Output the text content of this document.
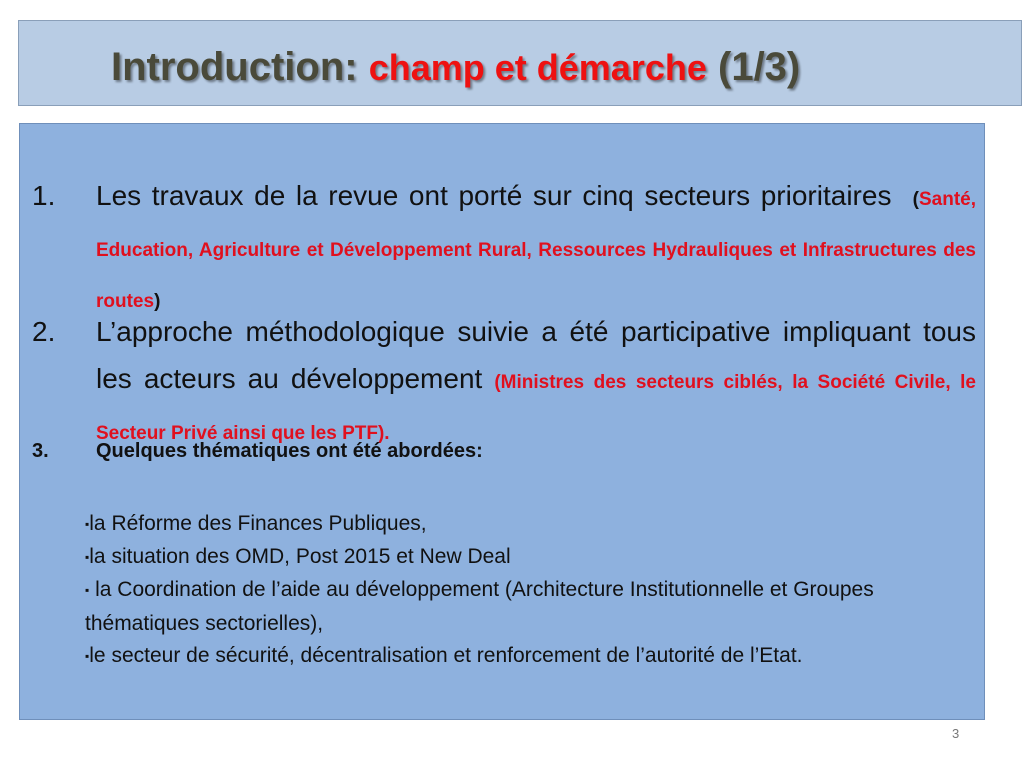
Introduction: champ et démarche (1/3)
1. Les travaux de la revue ont porté sur cinq secteurs prioritaires (Santé, Education, Agriculture et Développement Rural, Ressources Hydrauliques et Infrastructures des routes)
2. L’approche méthodologique suivie a été participative impliquant tous les acteurs au développement (Ministres des secteurs ciblés, la Société Civile, le Secteur Privé ainsi que les PTF).
3. Quelques thématiques ont été abordées:
▪la Réforme des Finances Publiques,
▪la situation des OMD, Post 2015 et New Deal
▪ la Coordination de l’aide au développement (Architecture Institutionnelle et Groupes thématiques sectorielles),
▪le secteur de sécurité, décentralisation et renforcement de l’autorité de l’Etat.
3
